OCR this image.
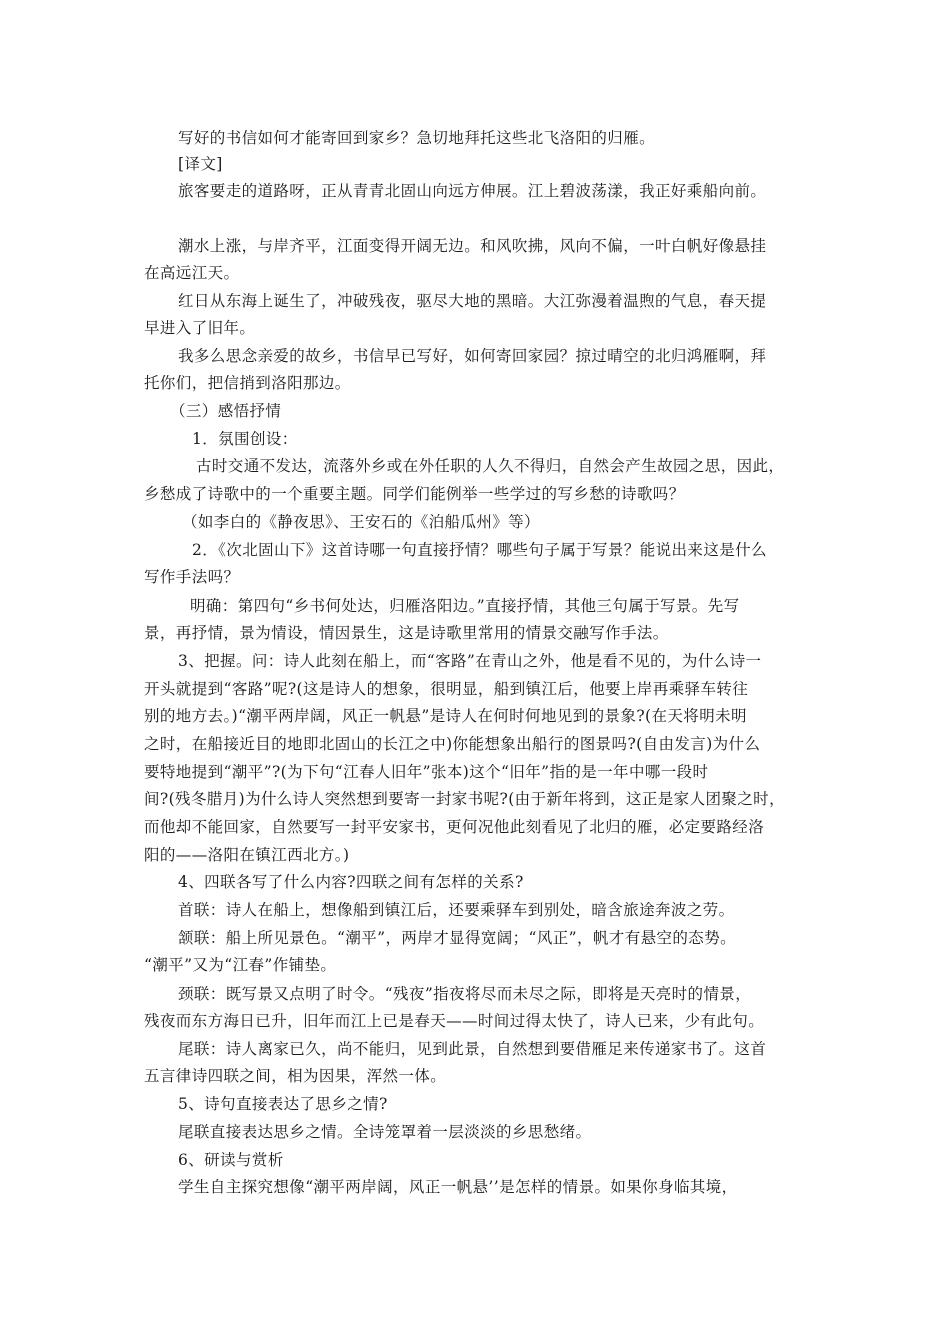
写好的书信如何才能寄回到家乡？急切地拜托这些北飞洛阳的归雁。
[译文]
旅客要走的道路呀，正从青青北固山向远方伸展。江上碧波荡漾，我正好乘船向前。
潮水上涨，与岸齐平，江面变得开阔无边。和风吹拂，风向不偏，一叶白帆好像悬挂
在高远江天。
红日从东海上诞生了，冲破残夜，驱尽大地的黑暗。大江弥漫着温煦的气息，春天提
早进入了旧年。
我多么思念亲爱的故乡，书信早已写好，如何寄回家园？掠过晴空的北归鸿雁啊，拜
托你们，把信捎到洛阳那边。
（三）感悟抒情
1．氛围创设：
古时交通不发达，流落外乡或在外任职的人久不得归，自然会产生故园之思，因此，
乡愁成了诗歌中的一个重要主题。同学们能例举一些学过的写乡愁的诗歌吗？
（如李白的《静夜思》、王安石的《泊船瓜州》等）
2．《次北固山下》这首诗哪一句直接抒情？哪些句子属于写景？能说出来这是什么
写作手法吗？
明确：第四句“乡书何处达，归雁洛阳边。”直接抒情，其他三句属于写景。先写
景，再抒情，景为情设，情因景生，这是诗歌里常用的情景交融写作手法。
3、把握。问：诗人此刻在船上，而“客路”在青山之外，他是看不见的，为什么诗一
开头就提到“客路”呢?(这是诗人的想象，很明显，船到镇江后，他要上岸再乘驿车转往
别的地方去。)“潮平两岸阔，风正一帆悬”是诗人在何时何地见到的景象?(在天将明未明
之时，在船接近目的地即北固山的长江之中)你能想象出船行的图景吗?(自由发言)为什么
要特地提到“潮平”?(为下句“江春人旧年”张本)这个“旧年”指的是一年中哪一段时
间?(残冬腊月)为什么诗人突然想到要寄一封家书呢?(由于新年将到，这正是家人团聚之时，
而他却不能回家，自然要写一封平安家书，更何况他此刻看见了北归的雁，必定要路经洛
阳的——洛阳在镇江西北方。)
4、四联各写了什么内容?四联之间有怎样的关系?
首联：诗人在船上，想像船到镇江后，还要乘驿车到别处，暗含旅途奔波之劳。
颔联：船上所见景色。“潮平”，两岸才显得宽阔；“风正”，帆才有悬空的态势。
“潮平”又为“江春”作铺垫。
颈联：既写景又点明了时令。“残夜”指夜将尽而未尽之际，即将是天亮时的情景，
残夜而东方海日已升，旧年而江上已是春天——时间过得太快了，诗人已来，少有此句。
尾联：诗人离家已久，尚不能归，见到此景，自然想到要借雁足来传递家书了。这首
五言律诗四联之间，相为因果，浑然一体。
5、诗句直接表达了思乡之情?
尾联直接表达思乡之情。全诗笼罩着一层淡淡的乡思愁绪。
6、研读与赏析
学生自主探究想像“潮平两岸阔，风正一帆悬’’是怎样的情景。如果你身临其境，
